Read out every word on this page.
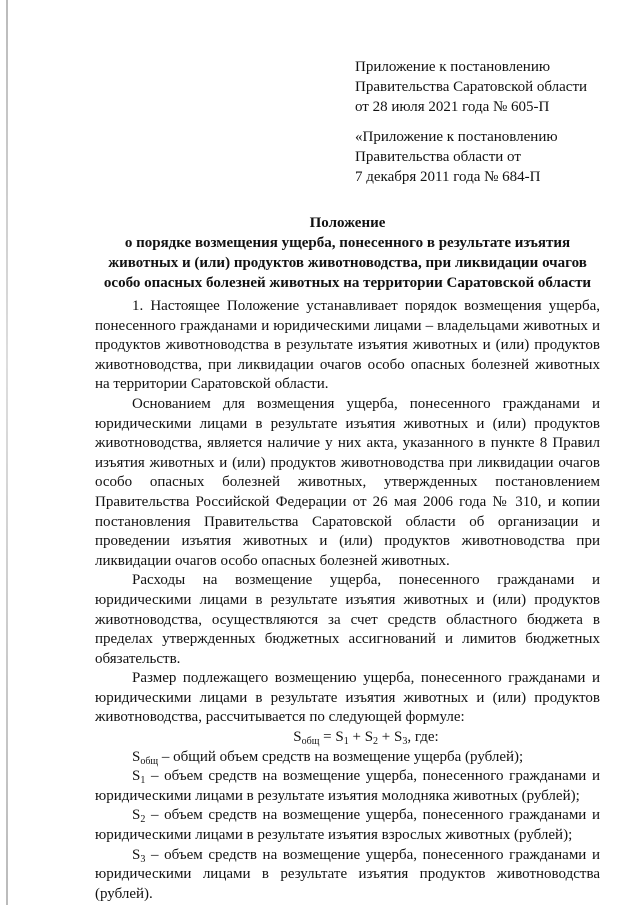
Приложение к постановлению
Правительства Саратовской области
от 28 июля 2021 года № 605-П
«Приложение к постановлению
Правительства области от
7 декабря 2011 года № 684-П
Положение
о порядке возмещения ущерба, понесенного в результате изъятия животных и (или) продуктов животноводства, при ликвидации очагов особо опасных болезней животных на территории Саратовской области

1. Настоящее Положение устанавливает порядок возмещения ущерба, понесенного гражданами и юридическими лицами – владельцами животных и продуктов животноводства в результате изъятия животных и (или) продуктов животноводства, при ликвидации очагов особо опасных болезней животных на территории Саратовской области.

Основанием для возмещения ущерба, понесенного гражданами и юридическими лицами в результате изъятия животных и (или) продуктов животноводства, является наличие у них акта, указанного в пункте 8 Правил изъятия животных и (или) продуктов животноводства при ликвидации очагов особо опасных болезней животных, утвержденных постановлением Правительства Российской Федерации от 26 мая 2006 года № 310, и копии постановления Правительства Саратовской области об организации и проведении изъятия животных и (или) продуктов животноводства при ликвидации очагов особо опасных болезней животных.

Расходы на возмещение ущерба, понесенного гражданами и юридическими лицами в результате изъятия животных и (или) продуктов животноводства, осуществляются за счет средств областного бюджета в пределах утвержденных бюджетных ассигнований и лимитов бюджетных обязательств.

Размер подлежащего возмещению ущерба, понесенного гражданами и юридическими лицами в результате изъятия животных и (или) продуктов животноводства, рассчитывается по следующей формуле:

$S_{общ} = S_1 + S_2 + S_3$, где:

$S_{общ}$ – общий объем средств на возмещение ущерба (рублей);

$S_1$ – объем средств на возмещение ущерба, понесенного гражданами и юридическими лицами в результате изъятия молодняка животных (рублей);

$S_2$ – объем средств на возмещение ущерба, понесенного гражданами и юридическими лицами в результате изъятия взрослых животных (рублей);

$S_3$ – объем средств на возмещение ущерба, понесенного гражданами и юридическими лицами в результате изъятия продуктов животноводства (рублей).
